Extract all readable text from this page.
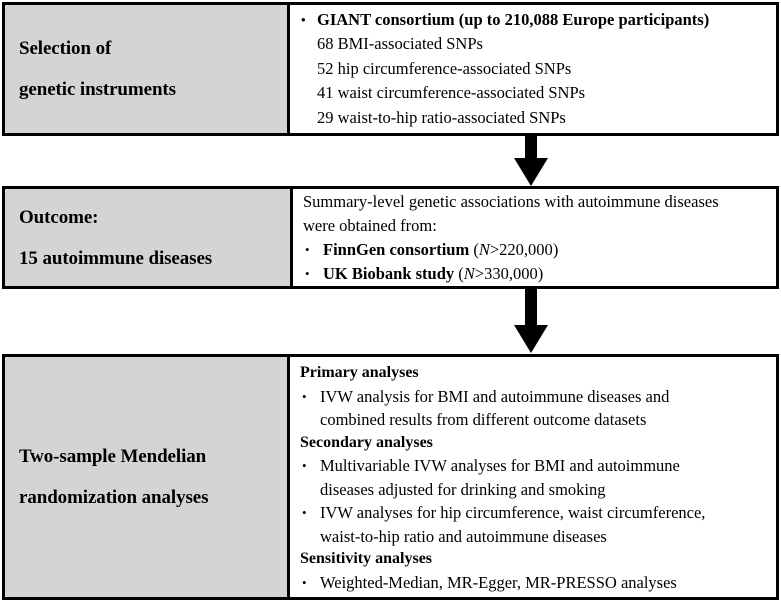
Selection of
genetic instruments
• GIANT consortium (up to 210,088 Europe participants)
68 BMI-associated SNPs
52 hip circumference-associated SNPs
41 waist circumference-associated SNPs
29 waist-to-hip ratio-associated SNPs
Outcome:
15 autoimmune diseases
Summary-level genetic associations with autoimmune diseases
were obtained from:
• FinnGen consortium (N>220,000)
• UK Biobank study (N>330,000)
Two-sample Mendelian
randomization analyses
Primary analyses
• IVW analysis for BMI and autoimmune diseases and
combined results from different outcome datasets
Secondary analyses
• Multivariable IVW analyses for BMI and autoimmune
diseases adjusted for drinking and smoking
• IVW analyses for hip circumference, waist circumference,
waist-to-hip ratio and autoimmune diseases
Sensitivity analyses
• Weighted-Median, MR-Egger, MR-PRESSO analyses
